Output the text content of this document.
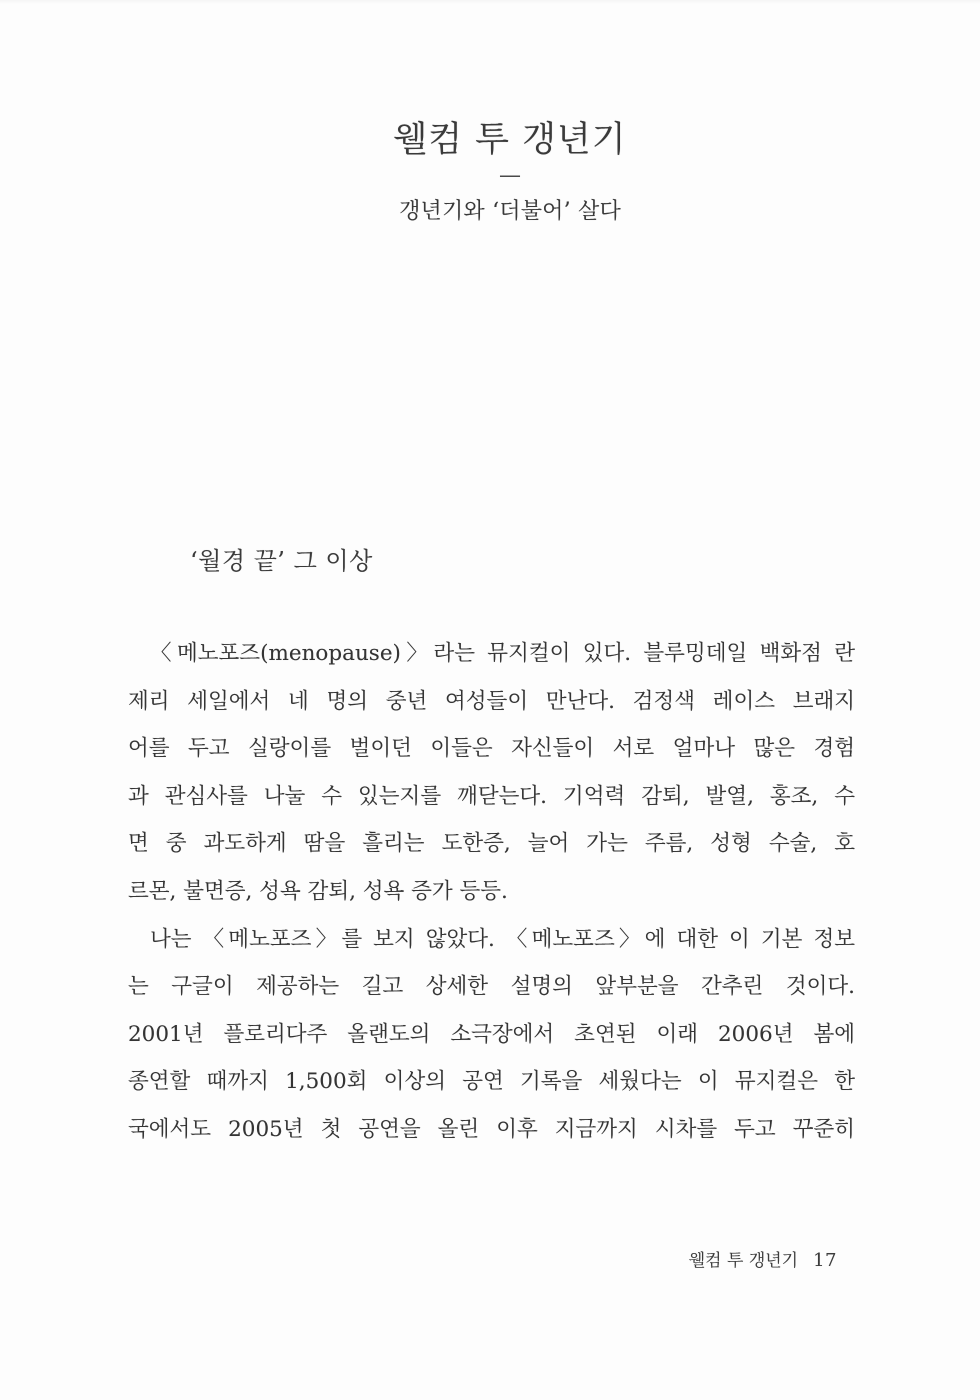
웰컴 투 갱년기
—
갱년기와 ‘더불어’ 살다
‘월경 끝’ 그 이상
〈메노포즈(menopause)〉라는 뮤지컬이 있다. 블루밍데일 백화점 란
제리 세일에서 네 명의 중년 여성들이 만난다. 검정색 레이스 브래지
어를 두고 실랑이를 벌이던 이들은 자신들이 서로 얼마나 많은 경험
과 관심사를 나눌 수 있는지를 깨닫는다. 기억력 감퇴, 발열, 홍조, 수
면 중 과도하게 땀을 흘리는 도한증, 늘어 가는 주름, 성형 수술, 호
르몬, 불면증, 성욕 감퇴, 성욕 증가 등등.
나는 〈메노포즈〉를 보지 않았다. 〈메노포즈〉에 대한 이 기본 정보
는 구글이 제공하는 길고 상세한 설명의 앞부분을 간추린 것이다.
2001년 플로리다주 올랜도의 소극장에서 초연된 이래 2006년 봄에
종연할 때까지 1,500회 이상의 공연 기록을 세웠다는 이 뮤지컬은 한
국에서도 2005년 첫 공연을 올린 이후 지금까지 시차를 두고 꾸준히
웰컴 투 갱년기 17
